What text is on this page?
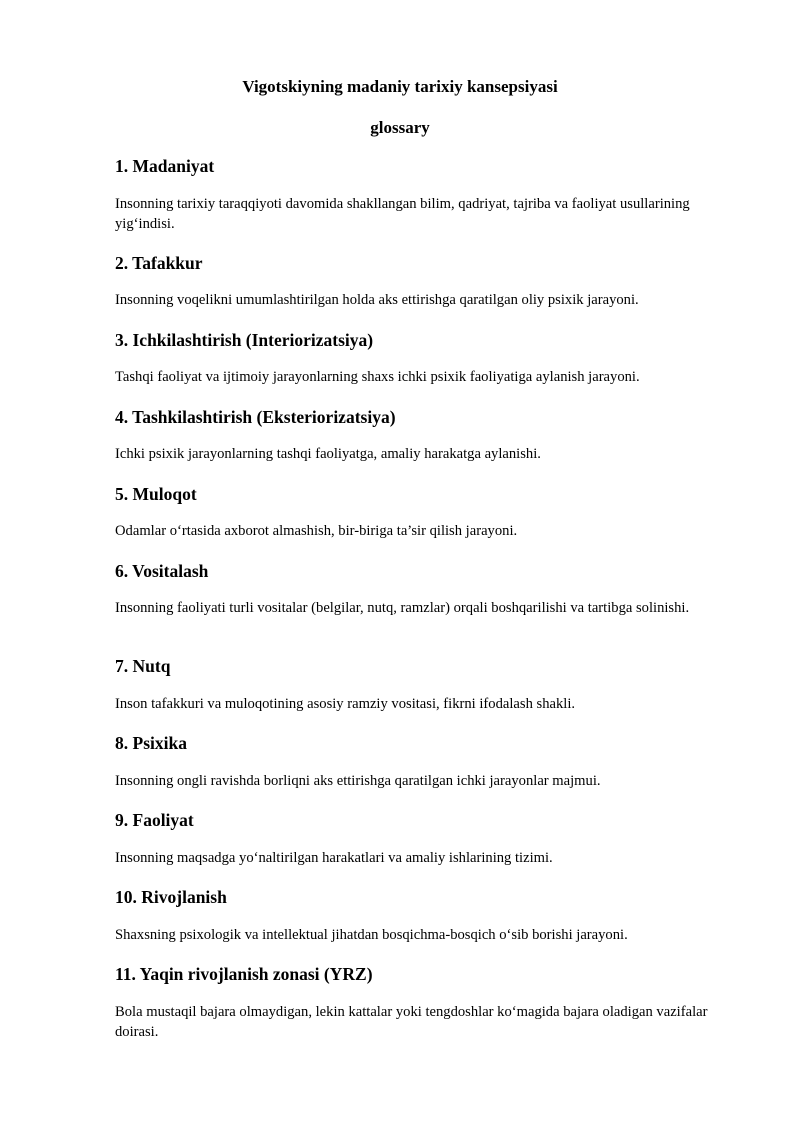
Vigotskiyning madaniy tarixiy kansepsiyasi
glossary
1. Madaniyat

Insonning tarixiy taraqqiyoti davomida shakllangan bilim, qadriyat, tajriba va faoliyat usullarining yig‘indisi.

2. Tafakkur

Insonning voqelikni umumlashtirilgan holda aks ettirishga qaratilgan oliy psixik jarayoni.

3. Ichkilashtirish (Interiorizatsiya)

Tashqi faoliyat va ijtimoiy jarayonlarning shaxs ichki psixik faoliyatiga aylanish jarayoni.

4. Tashkilashtirish (Eksteriorizatsiya)

Ichki psixik jarayonlarning tashqi faoliyatga, amaliy harakatga aylanishi.

5. Muloqot

Odamlar o‘rtasida axborot almashish, bir-biriga ta’sir qilish jarayoni.

6. Vositalash

Insonning faoliyati turli vositalar (belgilar, nutq, ramzlar) orqali boshqarilishi va tartibga solinishi.

7. Nutq

Inson tafakkuri va muloqotining asosiy ramziy vositasi, fikrni ifodalash shakli.

8. Psixika

Insonning ongli ravishda borliqni aks ettirishga qaratilgan ichki jarayonlar majmui.

9. Faoliyat

Insonning maqsadga yo‘naltirilgan harakatlari va amaliy ishlarining tizimi.

10. Rivojlanish

Shaxsning psixologik va intellektual jihatdan bosqichma-bosqich o‘sib borishi jarayoni.

11. Yaqin rivojlanish zonasi (YRZ)

Bola mustaqil bajara olmaydigan, lekin kattalar yoki tengdoshlar ko‘magida bajara oladigan vazifalar doirasi.
